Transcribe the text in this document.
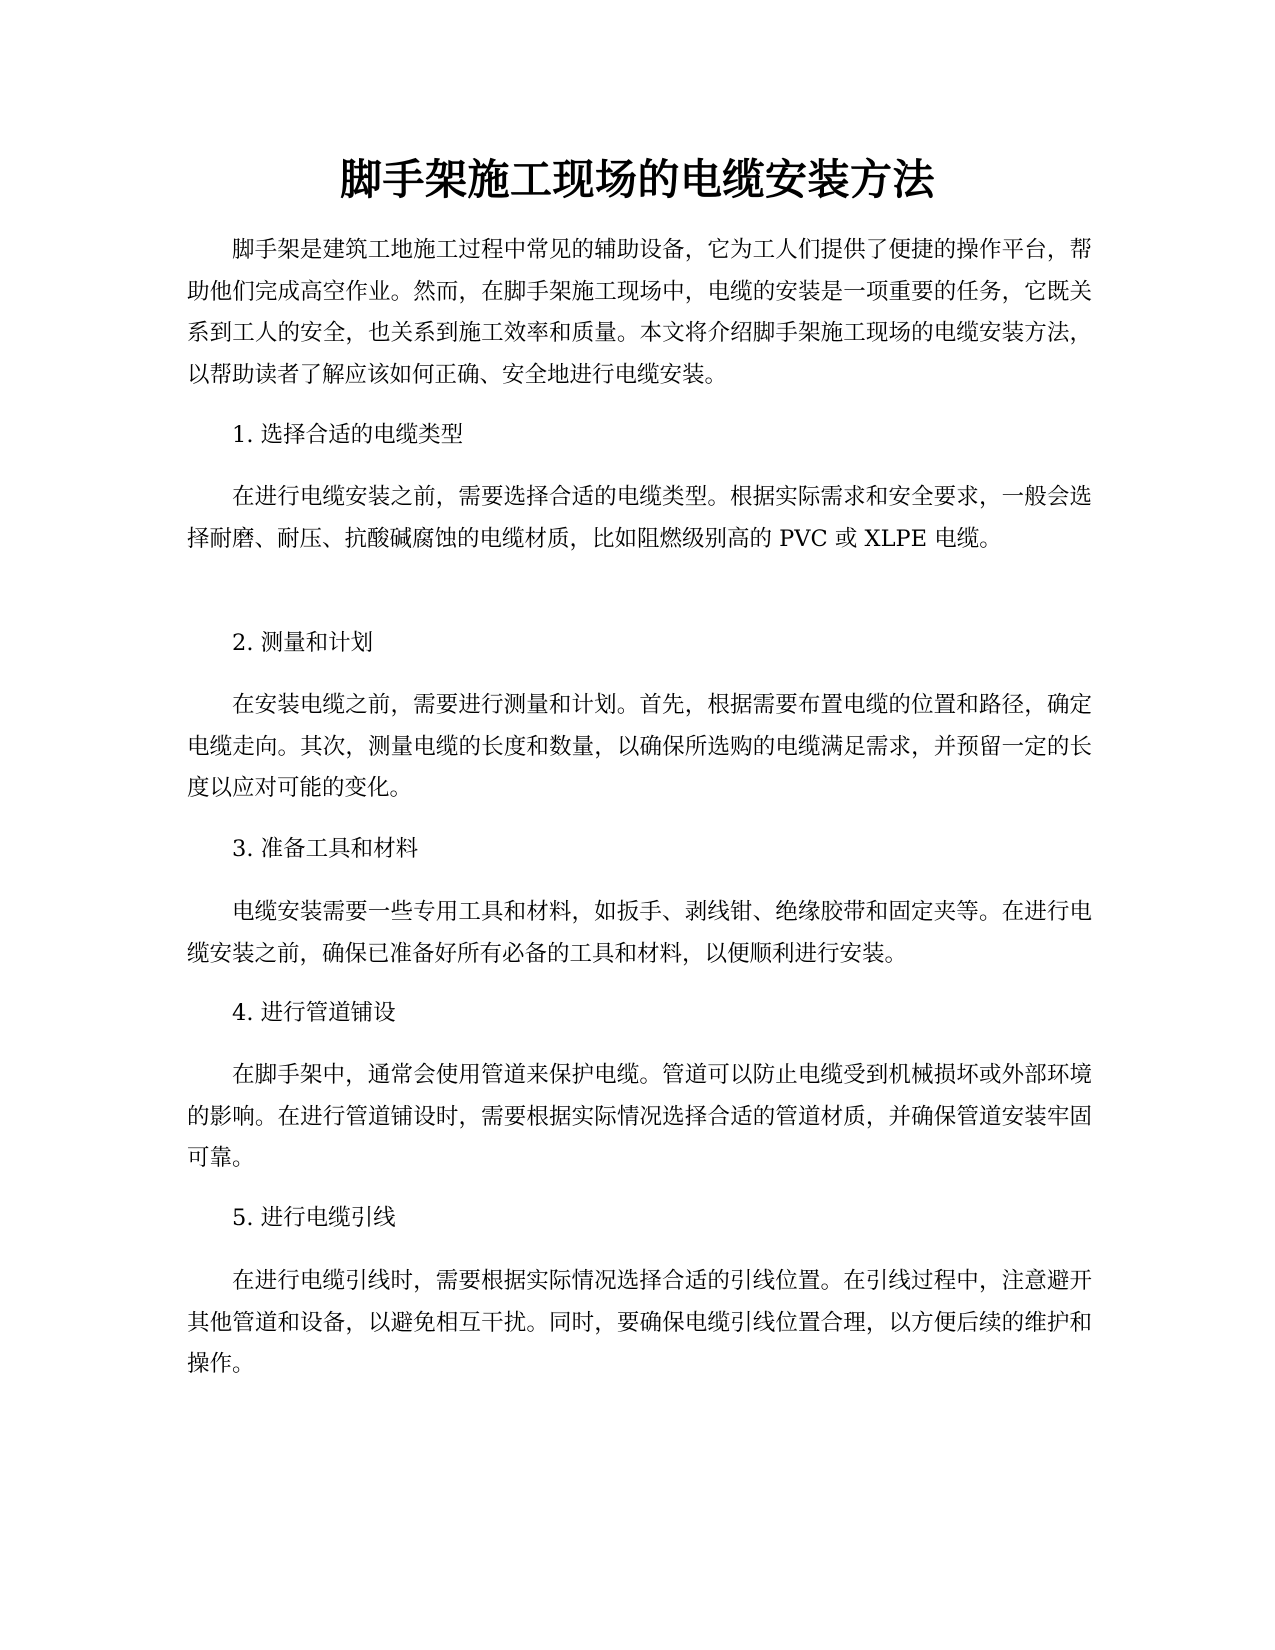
脚手架施工现场的电缆安装方法

脚手架是建筑工地施工过程中常见的辅助设备，它为工人们提供了便捷的操作平台，帮助他们完成高空作业。然而，在脚手架施工现场中，电缆的安装是一项重要的任务，它既关系到工人的安全，也关系到施工效率和质量。本文将介绍脚手架施工现场的电缆安装方法，以帮助读者了解应该如何正确、安全地进行电缆安装。

1. 选择合适的电缆类型

在进行电缆安装之前，需要选择合适的电缆类型。根据实际需求和安全要求，一般会选择耐磨、耐压、抗酸碱腐蚀的电缆材质，比如阻燃级别高的 PVC 或 XLPE 电缆。

2. 测量和计划

在安装电缆之前，需要进行测量和计划。首先，根据需要布置电缆的位置和路径，确定电缆走向。其次，测量电缆的长度和数量，以确保所选购的电缆满足需求，并预留一定的长度以应对可能的变化。

3. 准备工具和材料

电缆安装需要一些专用工具和材料，如扳手、剥线钳、绝缘胶带和固定夹等。在进行电缆安装之前，确保已准备好所有必备的工具和材料，以便顺利进行安装。

4. 进行管道铺设

在脚手架中，通常会使用管道来保护电缆。管道可以防止电缆受到机械损坏或外部环境的影响。在进行管道铺设时，需要根据实际情况选择合适的管道材质，并确保管道安装牢固可靠。

5. 进行电缆引线

在进行电缆引线时，需要根据实际情况选择合适的引线位置。在引线过程中，注意避开其他管道和设备，以避免相互干扰。同时，要确保电缆引线位置合理，以方便后续的维护和操作。
